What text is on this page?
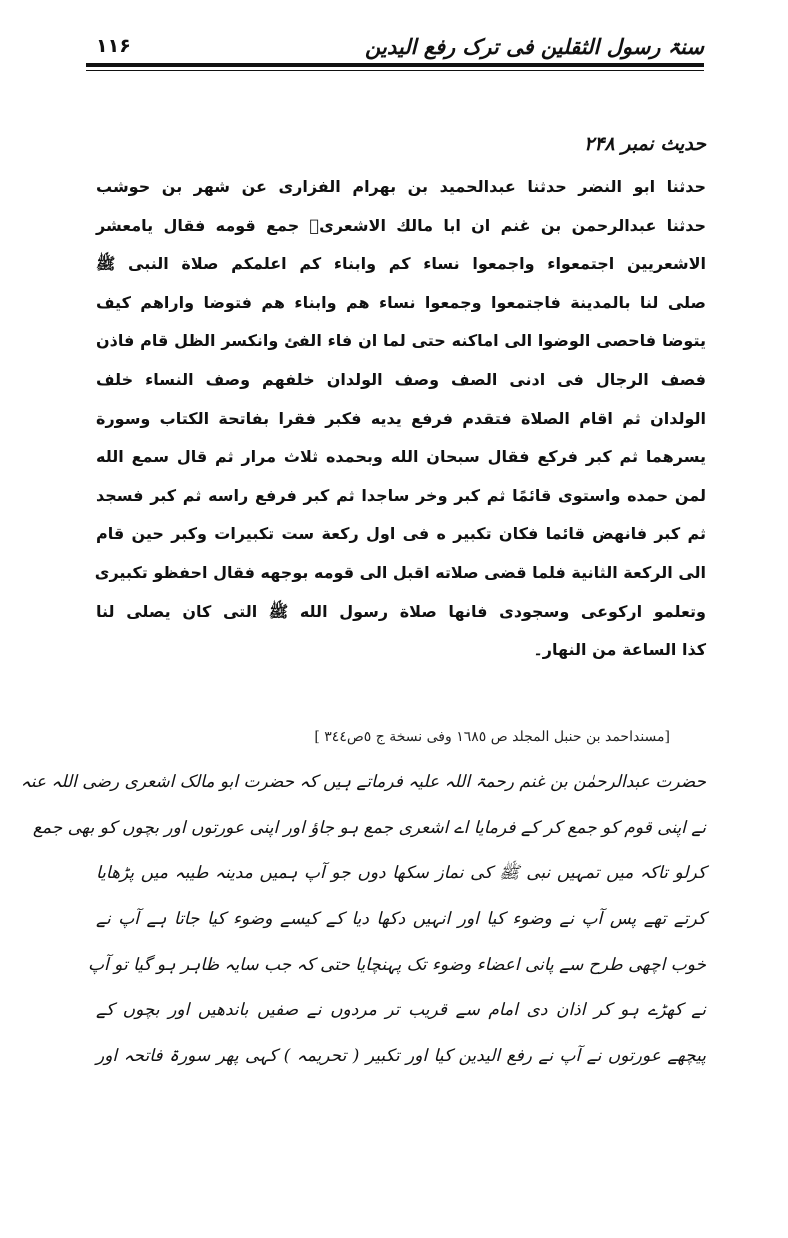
سنۃ رسول الثقلین فی ترک رفع الیدین
۱۱۶
حدیث نمبر ۲۴۸
حدثنا ابو النضر حدثنا عبدالحمید بن بهرام الفزاری عن شهر بن حوشب
حدثنا عبدالرحمن بن غنم ان ابا مالك الاشعریؓ جمع قومه فقال یامعشر
الاشعریین اجتمعواء واجمعوا نساء كم وابناء كم اعلمكم صلاة النبی ﷺ
صلی لنا بالمدینة فاجتمعوا وجمعوا نساء هم وابناء هم فتوضا واراهم كیف
یتوضا فاحصی الوضوا الی اماكنه حتی لما ان فاء الفئ وانكسر الظل قام فاذن
فصف الرجال فی ادنی الصف وصف الولدان خلفهم وصف النساء خلف
الولدان ثم اقام الصلاة فتقدم فرفع یدیه فكبر فقرا بفاتحة الكتاب وسورة
یسرهما ثم كبر فركع فقال سبحان الله وبحمده ثلاث مرار ثم قال سمع الله
لمن حمده واستوی قائمًا ثم كبر وخر ساجدا ثم كبر فرفع راسه ثم كبر فسجد
ثم كبر فانهض قائما فكان تكبیر ه فی اول ركعة ست تكبیرات وكبر حین قام
الی الركعة الثانیة فلما قضی صلاته اقبل الی قومه بوجهه فقال احفظو تكبیری
وتعلمو اركوعی وسجودی فانها صلاة رسول الله ﷺ التی كان یصلی لنا
كذا الساعة من النهار۔
[مسنداحمد بن حنبل المجلد ص ١٦٨٥ وفی نسخة ج ٥ص٣٤٤ ]
حضرت عبدالرحمٰن بن غنم رحمۃ اللہ علیہ فرماتے ہیں کہ حضرت ابو مالک اشعری رضی اللہ عنہ
نے اپنی قوم کو جمع کر کے فرمایا اے اشعری جمع ہو جاؤ اور اپنی عورتوں اور بچوں کو بھی جمع
کرلو تاکہ میں تمہیں نبی ﷺ کی نماز سکھا دوں جو آپ ہمیں مدینہ طیبہ میں پڑھایا
کرتے تھے پس آپ نے وضوء کیا اور انہیں دکھا دیا کے کیسے وضوء کیا جاتا ہے آپ نے
خوب اچھی طرح سے پانی اعضاء وضوء تک پہنچایا حتی کہ جب سایہ ظاہر ہو گیا تو آپ
نے کھڑے ہو کر اذان دی امام سے قریب تر مردوں نے صفیں باندھیں اور بچوں کے
پیچھے عورتوں نے آپ نے رفع الیدین کیا اور تکبیر ( تحریمہ ) کہی پھر سورۃ فاتحہ اور
